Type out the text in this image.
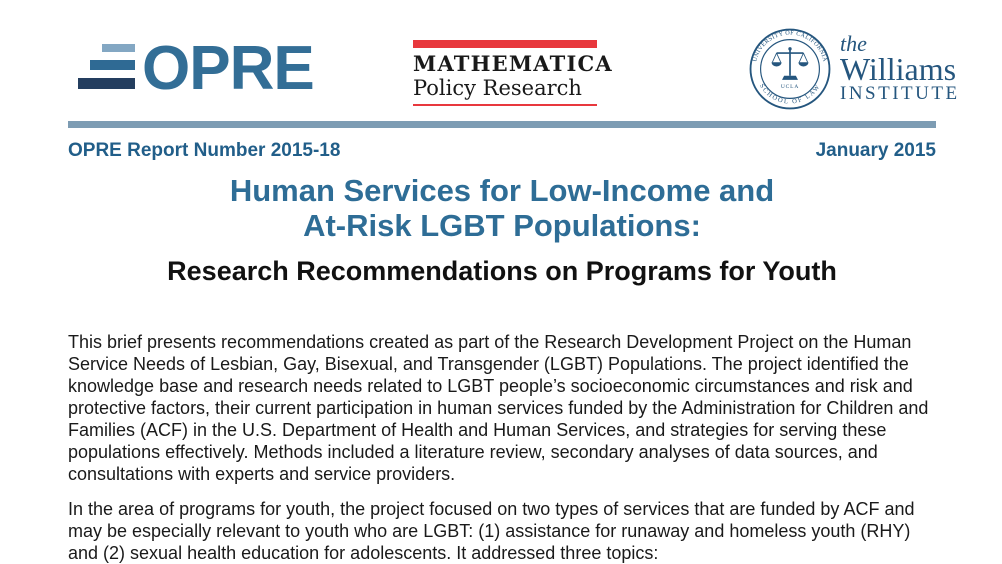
OPRE	MATHEMATICA
Policy Research
UNIVERSITY OF CALIFORNIA
SCHOOL OF LAW
UCLA
the
Williams
INSTITUTE
OPRE Report Number 2015-18	January 2015
Human Services for Low-Income and
At-Risk LGBT Populations:
Research Recommendations on Programs for Youth

This brief presents recommendations created as part of the Research Development Project on the Human Service Needs of Lesbian, Gay, Bisexual, and Transgender (LGBT) Populations. The project identified the knowledge base and research needs related to LGBT people’s socioeconomic circumstances and risk and protective factors, their current participation in human services funded by the Administration for Children and Families (ACF) in the U.S. Department of Health and Human Services, and strategies for serving these populations effectively. Methods included a literature review, secondary analyses of data sources, and consultations with experts and service providers.

In the area of programs for youth, the project focused on two types of services that are funded by ACF and may be especially relevant to youth who are LGBT: (1) assistance for runaway and homeless youth (RHY) and (2) sexual health education for adolescents. It addressed three topics:
